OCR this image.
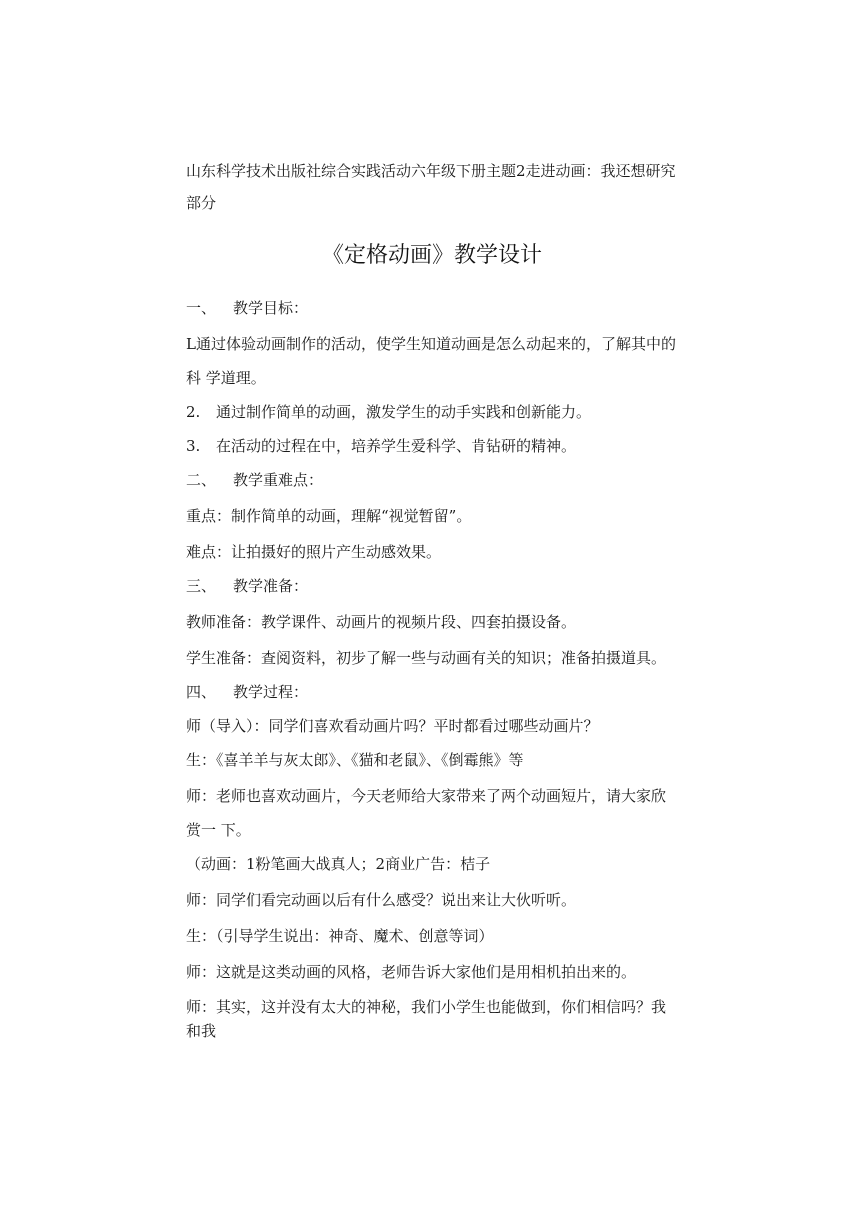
山东科学技术出版社综合实践活动六年级下册主题2走进动画：我还想研究部分

《定格动画》教学设计

一、 教学目标：

L通过体验动画制作的活动，使学生知道动画是怎么动起来的，了解其中的科 学道理。

2. 通过制作简单的动画，激发学生的动手实践和创新能力。

3. 在活动的过程在中，培养学生爱科学、肯钻研的精神。

二、 教学重难点：

重点：制作简单的动画，理解“视觉暂留”。

难点：让拍摄好的照片产生动感效果。

三、 教学准备：

教师准备：教学课件、动画片的视频片段、四套拍摄设备。

学生准备：查阅资料，初步了解一些与动画有关的知识；准备拍摄道具。

四、 教学过程：

师（导入）：同学们喜欢看动画片吗？平时都看过哪些动画片？

生：《喜羊羊与灰太郎》、《猫和老鼠》、《倒霉熊》等

师：老师也喜欢动画片，今天老师给大家带来了两个动画短片，请大家欣赏一 下。

（动画：1粉笔画大战真人；2商业广告：桔子

师：同学们看完动画以后有什么感受？说出来让大伙听听。

生：（引导学生说出：神奇、魔术、创意等词）

师：这就是这类动画的风格，老师告诉大家他们是用相机拍出来的。

师：其实，这并没有太大的神秘，我们小学生也能做到，你们相信吗？我和我
